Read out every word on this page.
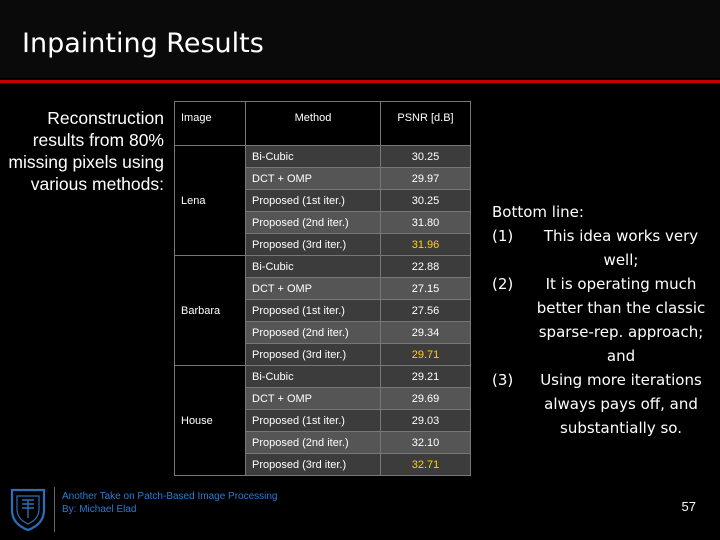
Inpainting Results
Reconstruction results from 80% missing pixels using various methods:
Image	Method	PSNR [d.B]
Lena	Bi-Cubic	30.25
	DCT + OMP	29.97
	Proposed (1st iter.)	30.25
	Proposed (2nd iter.)	31.80
	Proposed (3rd iter.)	31.96
Barbara	Bi-Cubic	22.88
	DCT + OMP	27.15
	Proposed (1st iter.)	27.56
	Proposed (2nd iter.)	29.34
	Proposed (3rd iter.)	29.71
House	Bi-Cubic	29.21
	DCT + OMP	29.69
	Proposed (1st iter.)	29.03
	Proposed (2nd iter.)	32.10
	Proposed (3rd iter.)	32.71

Bottom line:

(1)	This idea works very well;
(2)	It is operating much better than the classic sparse-rep. approach; and
(3)	Using more iterations always pays off, and substantially so.
Another Take on Patch-Based Image Processing
By: Michael Elad	57
